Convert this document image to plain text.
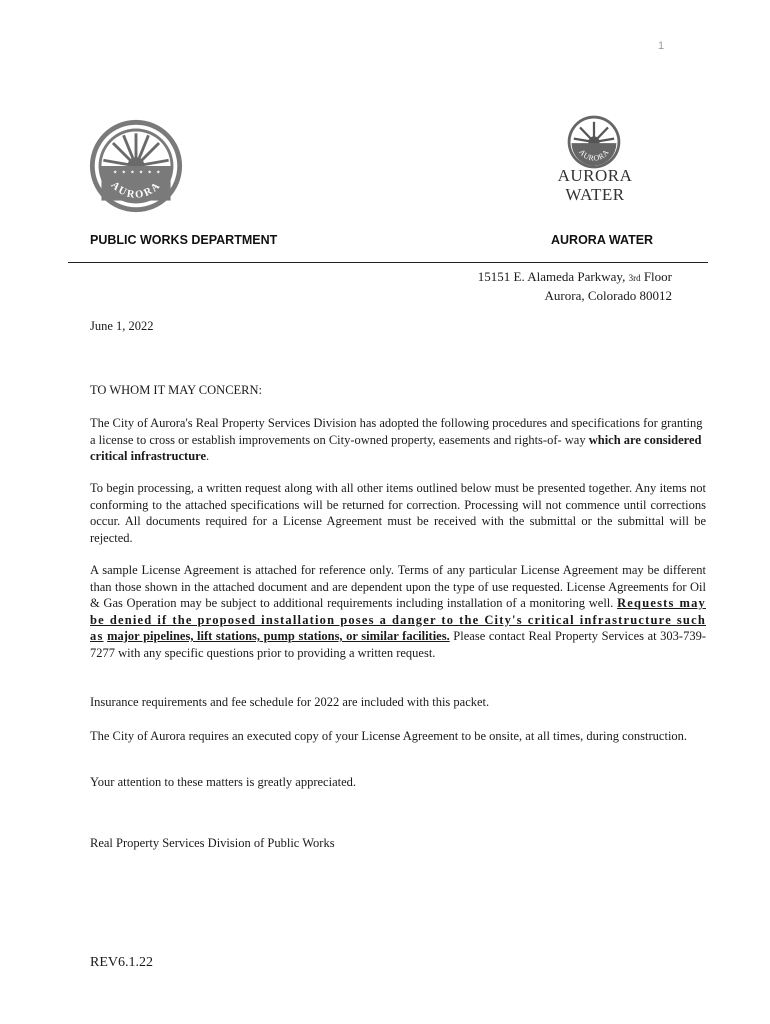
1
★ ★ ★ ★ ★ ★
AURORA
AURORA
AURORA
WATER
PUBLIC WORKS DEPARTMENT	AURORA WATER
15151 E. Alameda Parkway, 3rd Floor
Aurora, Colorado 80012
June 1, 2022
TO WHOM IT MAY CONCERN:
The City of Aurora's Real Property Services Division has adopted the following procedures and specifications for granting a license to cross or establish improvements on City-owned property, easements and rights-of- way which are considered critical infrastructure.
To begin processing, a written request along with all other items outlined below must be presented together. Any items not conforming to the attached specifications will be returned for correction. Processing will not commence until corrections occur. All documents required for a License Agreement must be received with the submittal or the submittal will be rejected.
A sample License Agreement is attached for reference only. Terms of any particular License Agreement may be different than those shown in the attached document and are dependent upon the type of use requested. License Agreements for Oil & Gas Operation may be subject to additional requirements including installation of a monitoring well. Requests may be denied if the proposed installation poses a danger to the City's critical infrastructure such as major pipelines, lift stations, pump stations, or similar facilities. Please contact Real Property Services at 303-739-7277 with any specific questions prior to providing a written request.
Insurance requirements and fee schedule for 2022 are included with this packet.
The City of Aurora requires an executed copy of your License Agreement to be onsite, at all times, during construction.
Your attention to these matters is greatly appreciated.
Real Property Services Division of Public Works
REV6.1.22
